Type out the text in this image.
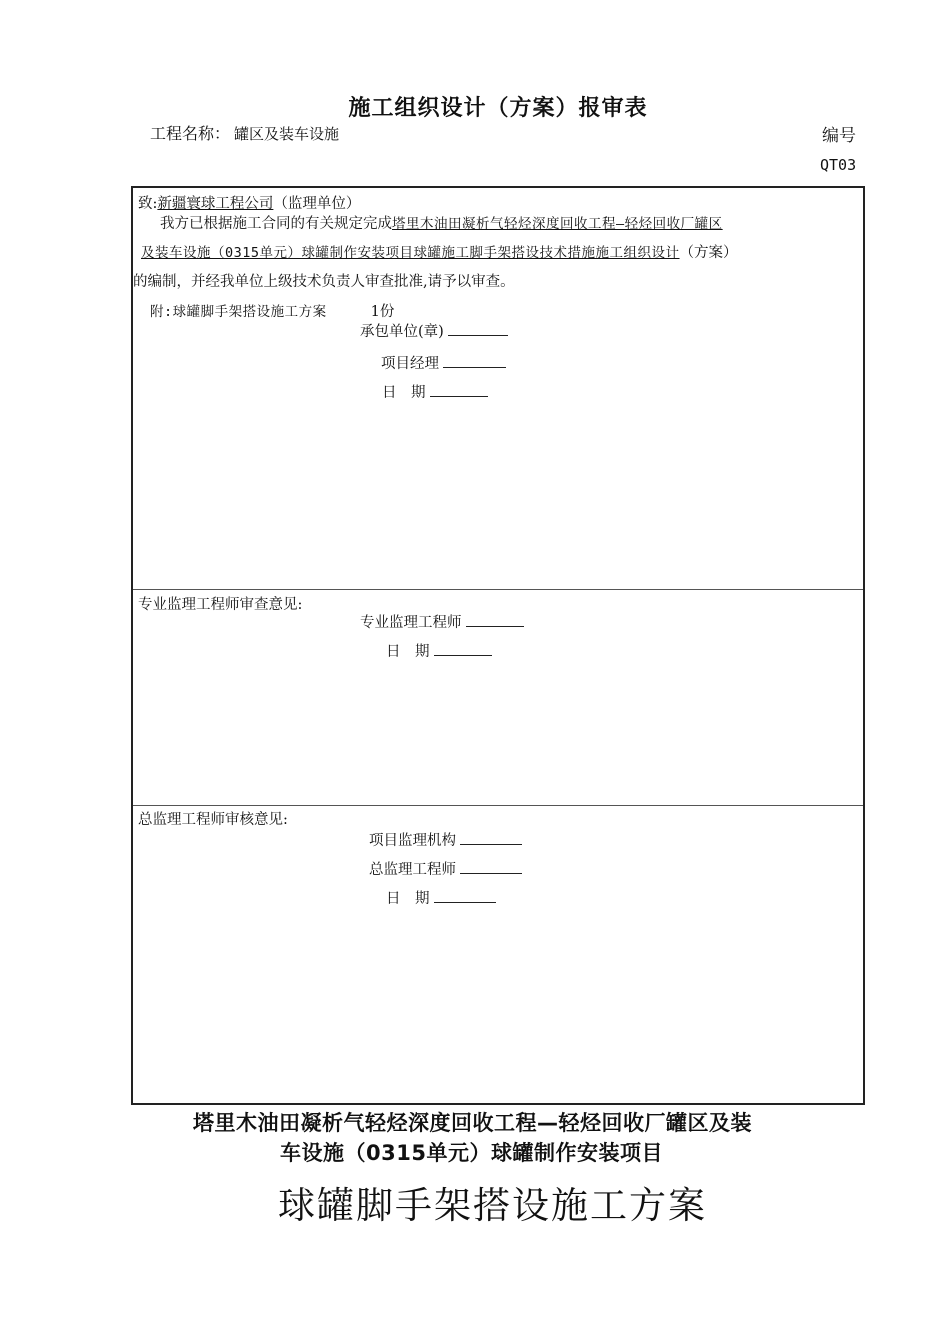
施工组织设计（方案）报审表
工程名称： 罐区及装车设施	编号
QT03
致:新疆寰球工程公司（监理单位）
我方已根据施工合同的有关规定完成塔里木油田凝析气轻烃深度回收工程—轻烃回收厂罐区
及装车设施（0315单元）球罐制作安装项目球罐施工脚手架搭设技术措施施工组织设计（方案）
的编制，并经我单位上级技术负责人审查批准,请予以审查。
附:球罐脚手架搭设施工方案	1份
承包单位(章)
项目经理
日　期
专业监理工程师审查意见:
专业监理工程师
日　期
总监理工程师审核意见:
项目监理机构
总监理工程师
日　期
塔里木油田凝析气轻烃深度回收工程—轻烃回收厂罐区及装
车设施（0315单元）球罐制作安装项目
球罐脚手架搭设施工方案
